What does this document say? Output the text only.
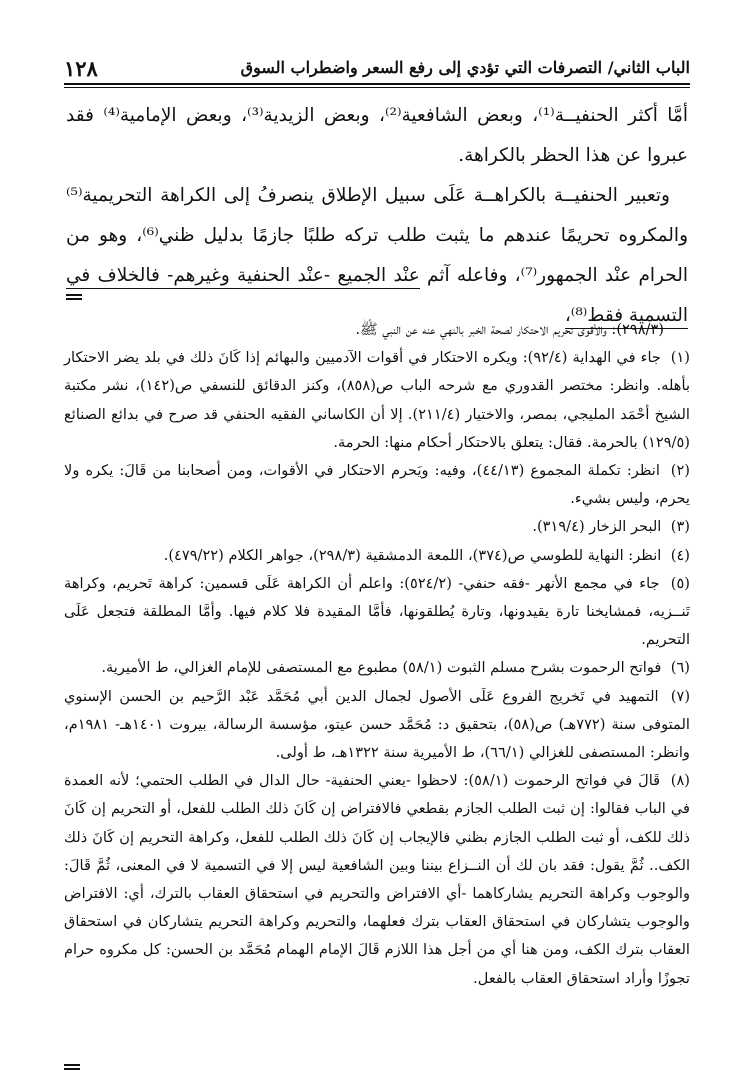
١٢٨	الباب الثاني/ التصرفات التي تؤدي إلى رفع السعر واضطراب السوق

أمَّا أكثر الحنفيــة⁽¹⁾، وبعض الشافعية⁽²⁾، وبعض الزيدية⁽³⁾، وبعض الإمامية⁽⁴⁾ فقد عبروا عن هذا الحظر بالكراهة.

وتعبير الحنفيــة بالكراهــة عَلَى سبيل الإطلاق ينصرفُ إلى الكراهة التحريمية⁽⁵⁾ والمكروه تحريمًا عندهم ما يثبت طلب تركه طلبًا جازمًا بدليل ظني⁽⁶⁾، وهو من الحرام عنْد الجمهور⁽⁷⁾، وفاعله آثم عنْد الجميع -عنْد الحنفية وغيرهم- فالخلاف في التسمية فقط⁽⁸⁾،

(٢٩٨/٣): والأقوى تحريم الاحتكار لصحة الخبر بالنهي عنه عن النبي ﷺ.

(١) جاء في الهداية (٩٢/٤): ويكره الاحتكار في أقوات الآدميين والبهائم إذا كَانَ ذلك في بلد يضر الاحتكار بأهله. وانظر: مختصر القدوري مع شرحه الباب ص(٨٥٨)، وكنز الدقائق للنسفي ص(١٤٢)، نشر مكتبة الشيخ أحْمَد المليجي، بمصر، والاختيار (٢١١/٤). إلا أن الكاساني الفقيه الحنفي قد صرح في بدائع الصنائع (١٢٩/٥) بالحرمة. فقال: يتعلق بالاحتكار أحكام منها: الحرمة.

(٢) انظر: تكملة المجموع (٤٤/١٣)، وفيه: ويَحرم الاحتكار في الأقوات، ومن أصحابنا من قَالَ: يكره ولا يحرم، وليس بشيء.

(٣) البحر الزخار (٣١٩/٤).

(٤) انظر: النهاية للطوسي ص(٣٧٤)، اللمعة الدمشقية (٢٩٨/٣)، جواهر الكلام (٤٧٩/٢٢).

(٥) جاء في مجمع الأنهر -فقه حنفي- (٥٢٤/٢): واعلم أن الكراهة عَلَى قسمين: كراهة تَحريم، وكراهة تَنــزيه، فمشايخنا تارة يقيدونها، وتارة يُطلقونها، فأمَّا المقيدة فلا كلام فيها. وأمَّا المطلقة فتجعل عَلَى التحريم.

(٦) فواتح الرحموت بشرح مسلم الثبوت (٥٨/١) مطبوع مع المستصفى للإمام الغزالي، ط الأميرية.

(٧) التمهيد في تَخريج الفروع عَلَى الأصول لجمال الدين أبي مُحَمَّد عَبْد الرَّحيم بن الحسن الإسنوي المتوفى سنة (٧٧٢هـ) ص(٥٨)، بتحقيق د: مُحَمَّد حسن عيتو، مؤسسة الرسالة، بيروت ١٤٠١هـ- ١٩٨١م، وانظر: المستصفى للغزالي (٦٦/١)، ط الأميرية سنة ١٣٢٢هـ، ط أولى.

(٨) قَالَ في فواتح الرحموت (٥٨/١): لاحظوا -يعني الحنفية- حال الدال في الطلب الحتمي؛ لأنه العمدة في الباب فقالوا: إن ثبت الطلب الجازم بقطعي فالافتراض إن كَانَ ذلك الطلب للفعل، أو التحريم إن كَانَ ذلك للكف، أو ثبت الطلب الجازم بظني فالإيجاب إن كَانَ ذلك الطلب للفعل، وكراهة التحريم إن كَانَ ذلك الكف.. ثُمَّ يقول: فقد بان لك أن النــزاع بيننا وبين الشافعية ليس إلا في التسمية لا في المعنى، ثُمَّ قَالَ: والوجوب وكراهة التحريم يشاركاهما -أي الافتراض والتحريم في استحقاق العقاب بالترك، أي: الافتراض والوجوب يتشاركان في استحقاق العقاب بترك فعلهما، والتحريم وكراهة التحريم يتشاركان في استحقاق العقاب بترك الكف، ومن هنا أي من أجل هذا اللازم قَالَ الإمام الهمام مُحَمَّد بن الحسن: كل مكروه حرام تجوزًا وأراد استحقاق العقاب بالفعل.
